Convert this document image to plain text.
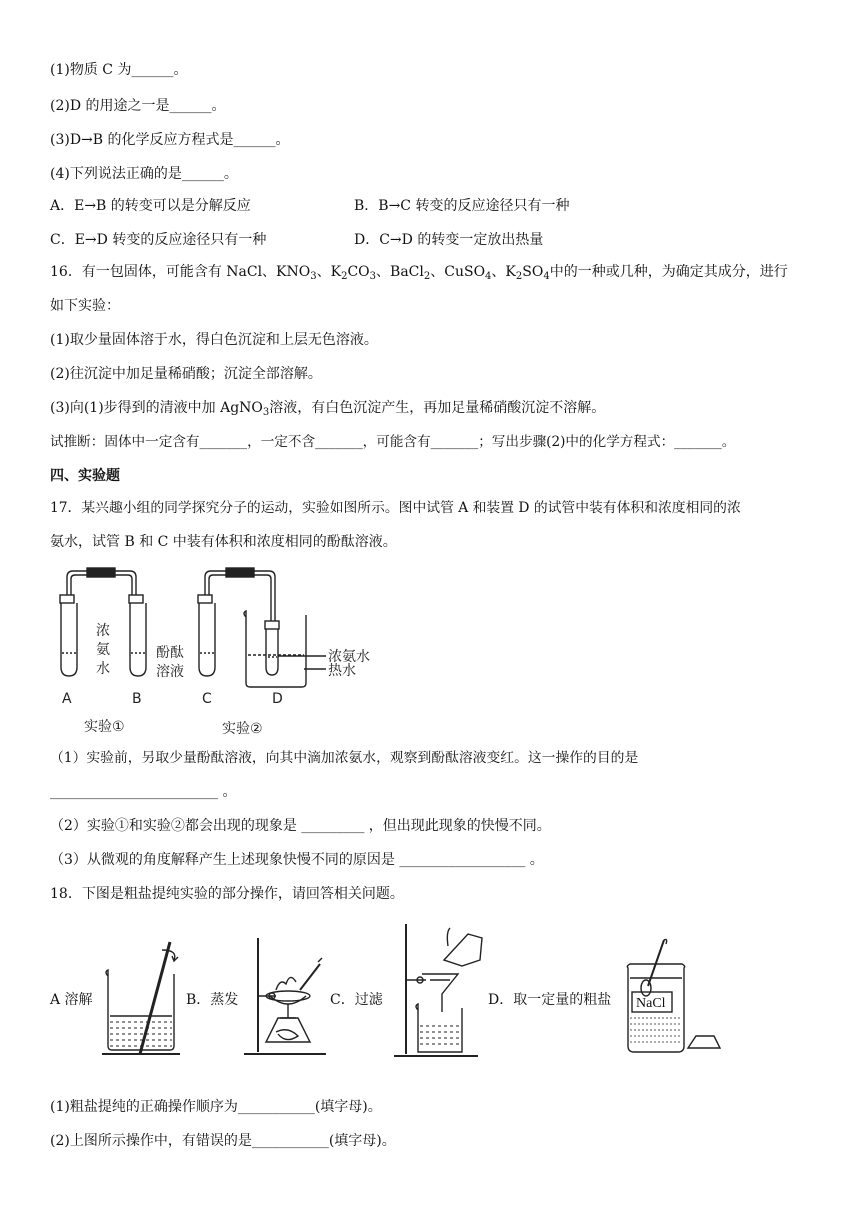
(1)物质 C 为______。
(2)D 的用途之一是______。
(3)D→B 的化学反应方程式是______。
(4)下列说法正确的是______。
A．E→B 的转变可以是分解反应	B．B→C 转变的反应途径只有一种
C．E→D 转变的反应途径只有一种	D．C→D 的转变一定放出热量
16．有一包固体，可能含有 NaCl、$KNO_3$、$K_2CO_3$、BaCl$_2$、CuSO$_4$、$K_2SO_4$中的一种或几种，为确定其成分，进行
如下实验：
(1)取少量固体溶于水，得白色沉淀和上层无色溶液。
(2)往沉淀中加足量稀硝酸；沉淀全部溶解。
(3)向(1)步得到的清液中加 AgNO$_3$溶液，有白色沉淀产生，再加足量稀硝酸沉淀不溶解。
试推断：固体中一定含有_______，一定不含_______，可能含有_______；写出步骤(2)中的化学方程式：_______。
四、实验题
17．某兴趣小组的同学探究分子的运动，实验如图所示。图中试管 A 和装置 D 的试管中装有体积和浓度相同的浓
氨水，试管 B 和 C 中装有体积和浓度相同的酚酞溶液。
浓
氨
水
酚酞
溶液
浓氨水
热水
A	B	C	D
实验①	实验②
（1）实验前，另取少量酚酞溶液，向其中滴加浓氨水，观察到酚酞溶液变红。这一操作的目的是
________________________ 。
（2）实验①和实验②都会出现的现象是 _________ ，但出现此现象的快慢不同。
（3）从微观的角度解释产生上述现象快慢不同的原因是 __________________ 。
18．下图是粗盐提纯实验的部分操作，请回答相关问题。
A 溶解	B．蒸发	C．过滤	D．取一定量的粗盐 NaCl
(1)粗盐提纯的正确操作顺序为___________(填字母)。
(2)上图所示操作中，有错误的是___________(填字母)。
